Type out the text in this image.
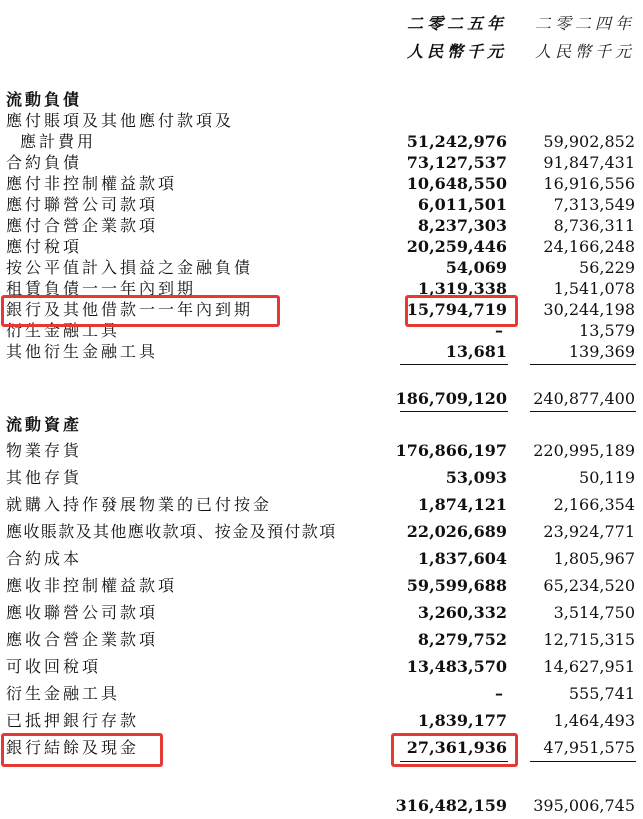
二零二五年
人民幣千元
二零二四年
人民幣千元
流動負債
應付賬項及其他應付款項及
應計費用	51,242,976 59,902,852
合約負債	73,127,537 91,847,431
應付非控制權益款項	10,648,550 16,916,556
應付聯營公司款項	6,011,501	7,313,549
應付合營企業款項	8,237,303	8,736,311
應付稅項	20,259,446 24,166,248
按公平值計入損益之金融負債	54,069	56,229
租賃負債一一年內到期	1,319,338	1,541,078
銀行及其他借款一一年內到期	15,794,719 30,244,198
衍生金融工具	–	13,579
其他衍生金融工具	13,681	139,369
186,709,120 240,877,400
流動資產
物業存貨	176,866,197 220,995,189
其他存貨	53,093	50,119
就購入持作發展物業的已付按金	1,874,121	2,166,354
應收賬款及其他應收款項、按金及預付款項	22,026,689 23,924,771
合約成本	1,837,604	1,805,967
應收非控制權益款項	59,599,688 65,234,520
應收聯營公司款項	3,260,332	3,514,750
應收合營企業款項	8,279,752 12,715,315
可收回稅項	13,483,570 14,627,951
衍生金融工具	–	555,741
已抵押銀行存款	1,839,177	1,464,493
銀行結餘及現金	27,361,936 47,951,575
316,482,159 395,006,745
